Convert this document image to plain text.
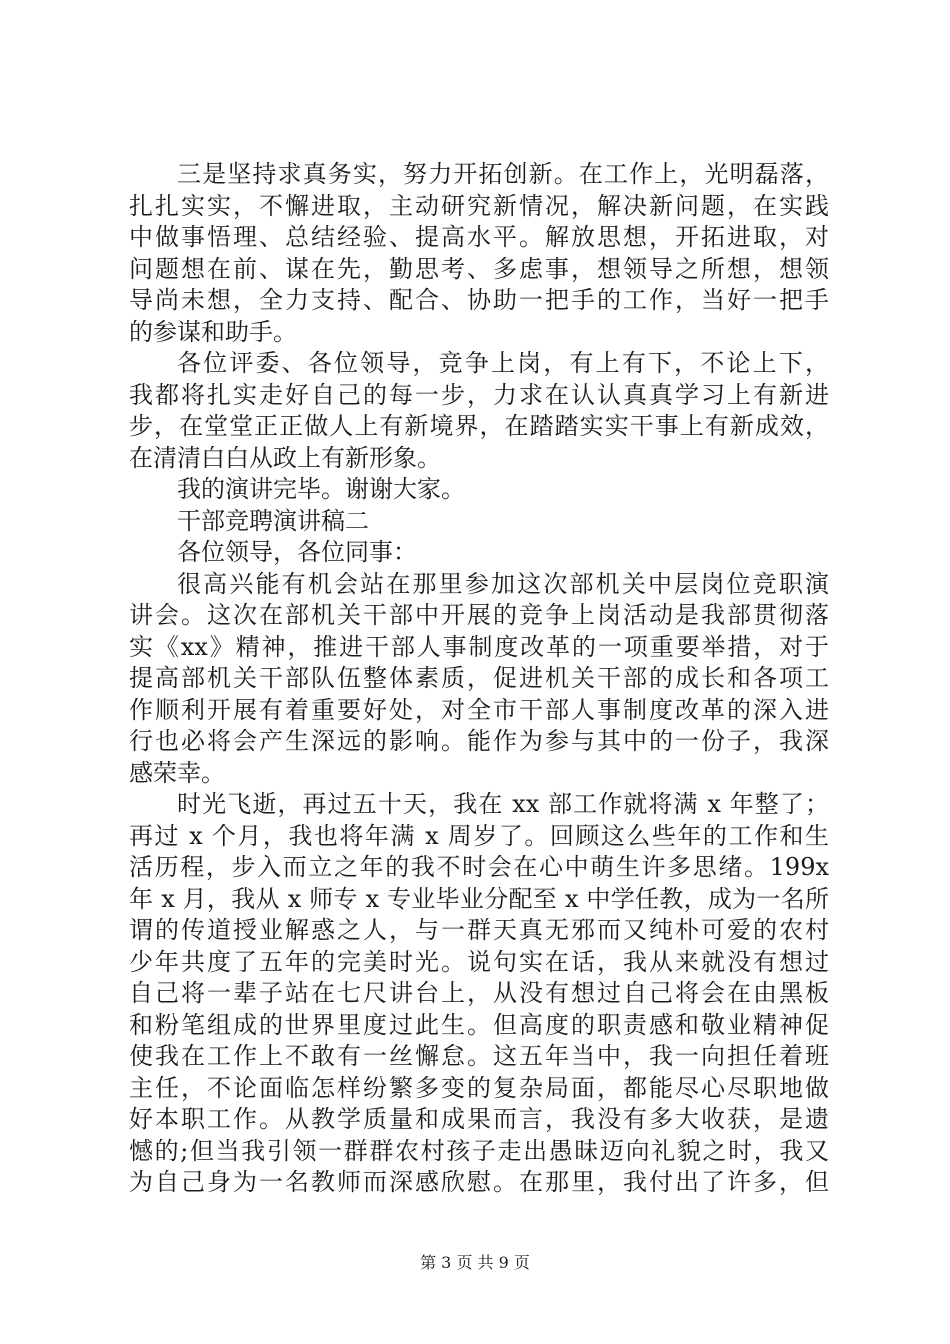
三是坚持求真务实，努力开拓创新。在工作上，光明磊落，
扎扎实实，不懈进取，主动研究新情况，解决新问题，在实践
中做事悟理、总结经验、提高水平。解放思想，开拓进取，对
问题想在前、谋在先，勤思考、多虑事，想领导之所想，想领
导尚未想，全力支持、配合、协助一把手的工作，当好一把手
的参谋和助手。
各位评委、各位领导，竞争上岗，有上有下，不论上下，
我都将扎实走好自己的每一步，力求在认认真真学习上有新进
步，在堂堂正正做人上有新境界，在踏踏实实干事上有新成效，
在清清白白从政上有新形象。
我的演讲完毕。谢谢大家。
干部竞聘演讲稿二
各位领导，各位同事：
很高兴能有机会站在那里参加这次部机关中层岗位竞职演
讲会。这次在部机关干部中开展的竞争上岗活动是我部贯彻落
实《xx》精神，推进干部人事制度改革的一项重要举措，对于
提高部机关干部队伍整体素质，促进机关干部的成长和各项工
作顺利开展有着重要好处，对全市干部人事制度改革的深入进
行也必将会产生深远的影响。能作为参与其中的一份子，我深
感荣幸。
时光飞逝，再过五十天，我在 xx 部工作就将满 x 年整了；
再过 x 个月，我也将年满 x 周岁了。回顾这么些年的工作和生
活历程，步入而立之年的我不时会在心中萌生许多思绪。199x
年 x 月，我从 x 师专 x 专业毕业分配至 x 中学任教，成为一名所
谓的传道授业解惑之人，与一群天真无邪而又纯朴可爱的农村
少年共度了五年的完美时光。说句实在话，我从来就没有想过
自己将一辈子站在七尺讲台上，从没有想过自己将会在由黑板
和粉笔组成的世界里度过此生。但高度的职责感和敬业精神促
使我在工作上不敢有一丝懈怠。这五年当中，我一向担任着班
主任，不论面临怎样纷繁多变的复杂局面，都能尽心尽职地做
好本职工作。从教学质量和成果而言，我没有多大收获，是遗
憾的;但当我引领一群群农村孩子走出愚昧迈向礼貌之时，我又
为自己身为一名教师而深感欣慰。在那里，我付出了许多，但
第 3 页 共 9 页
